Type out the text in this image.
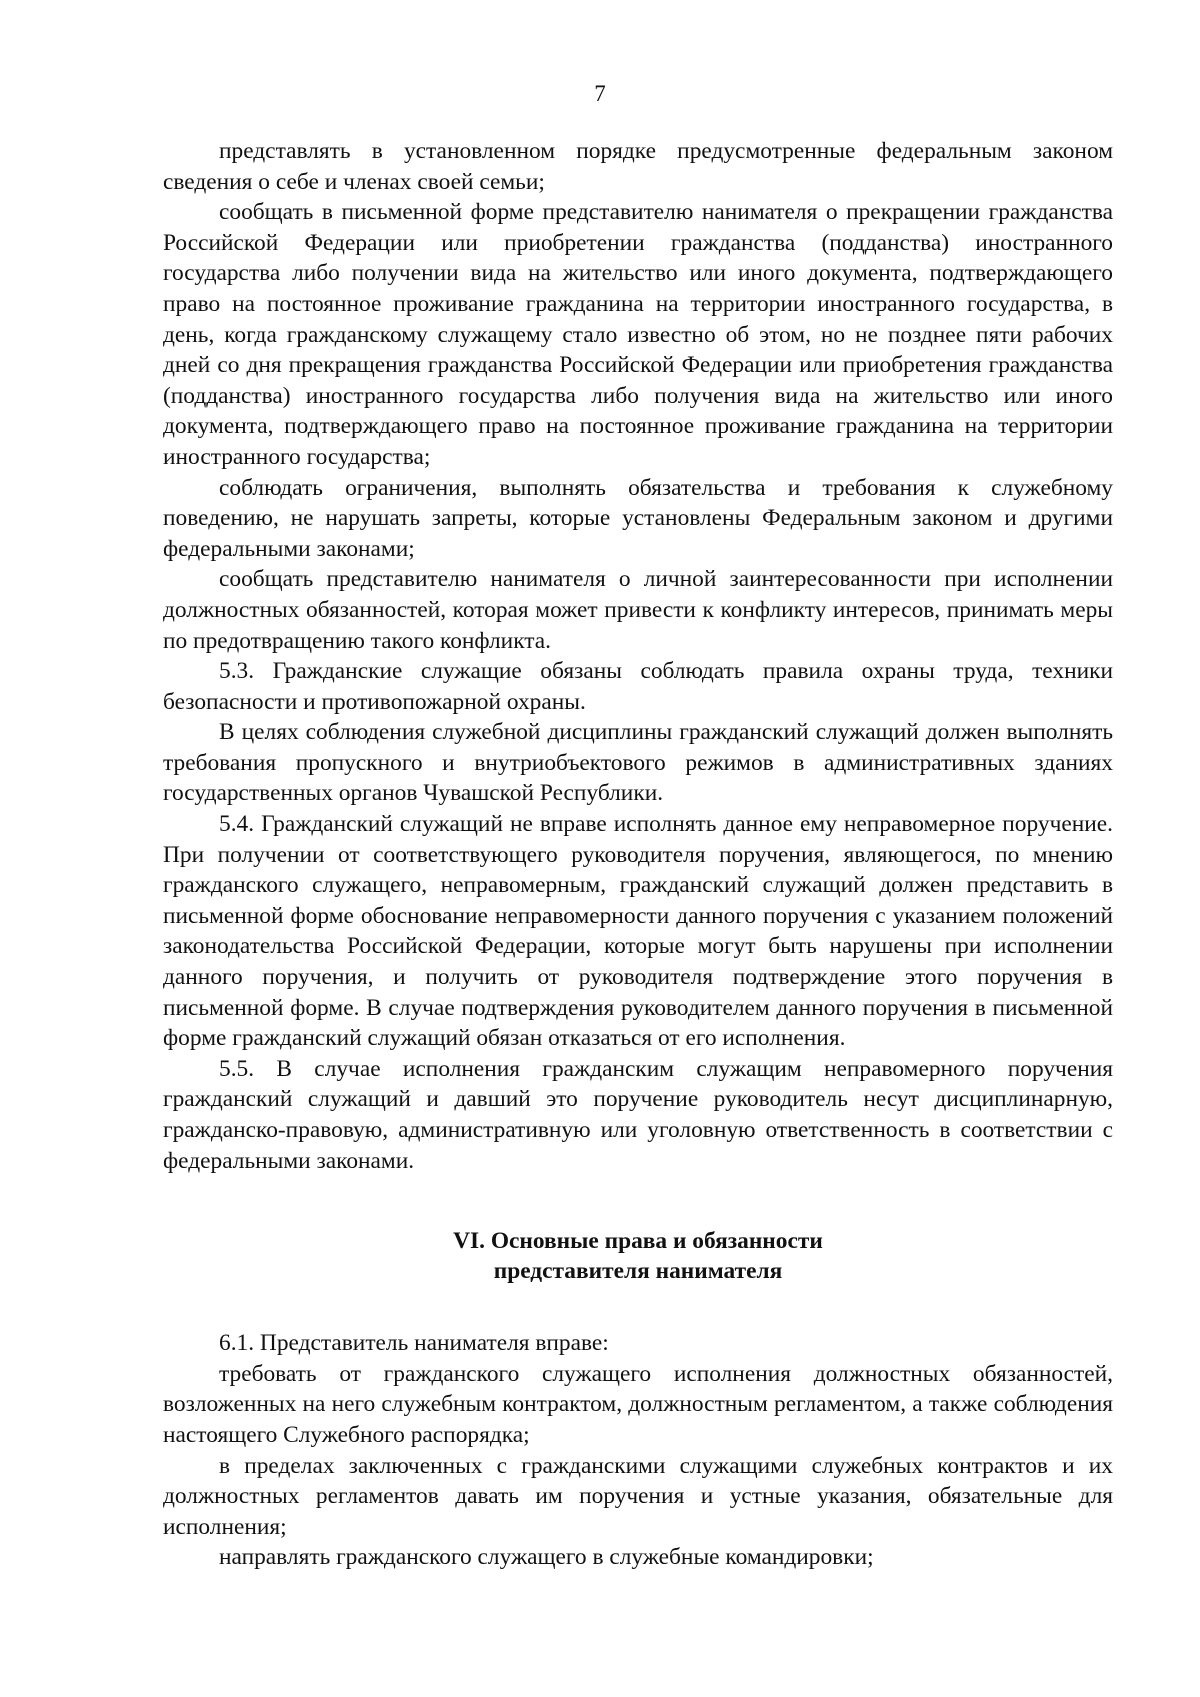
7

представлять в установленном порядке предусмотренные федеральным законом сведения о себе и членах своей семьи;

сообщать в письменной форме представителю нанимателя о прекращении гражданства Российской Федерации или приобретении гражданства (подданства) иностранного государства либо получении вида на жительство или иного документа, подтверждающего право на постоянное проживание гражданина на территории иностранного государства, в день, когда гражданскому служащему стало известно об этом, но не позднее пяти рабочих дней со дня прекращения гражданства Российской Федерации или приобретения гражданства (подданства) иностранного государства либо получения вида на жительство или иного документа, подтверждающего право на постоянное проживание гражданина на территории иностранного государства;

соблюдать ограничения, выполнять обязательства и требования к служебному поведению, не нарушать запреты, которые установлены Федеральным законом и другими федеральными законами;

сообщать представителю нанимателя о личной заинтересованности при исполнении должностных обязанностей, которая может привести к конфликту интересов, принимать меры по предотвращению такого конфликта.

5.3. Гражданские служащие обязаны соблюдать правила охраны труда, техники безопасности и противопожарной охраны.

В целях соблюдения служебной дисциплины гражданский служащий должен выполнять требования пропускного и внутриобъектового режимов в административных зданиях государственных органов Чувашской Республики.

5.4. Гражданский служащий не вправе исполнять данное ему неправомерное поручение. При получении от соответствующего руководителя поручения, являющегося, по мнению гражданского служащего, неправомерным, гражданский служащий должен представить в письменной форме обоснование неправомерности данного поручения с указанием положений законодательства Российской Федерации, которые могут быть нарушены при исполнении данного поручения, и получить от руководителя подтверждение этого поручения в письменной форме. В случае подтверждения руководителем данного поручения в письменной форме гражданский служащий обязан отказаться от его исполнения.

5.5. В случае исполнения гражданским служащим неправомерного поручения гражданский служащий и давший это поручение руководитель несут дисциплинарную, гражданско-правовую, административную или уголовную ответственность в соответствии с федеральными законами.

VI. Основные права и обязанности
представителя нанимателя

6.1. Представитель нанимателя вправе:

требовать от гражданского служащего исполнения должностных обязанностей, возложенных на него служебным контрактом, должностным регламентом, а также соблюдения настоящего Служебного распорядка;

в пределах заключенных с гражданскими служащими служебных контрактов и их должностных регламентов давать им поручения и устные указания, обязательные для исполнения;

направлять гражданского служащего в служебные командировки;
